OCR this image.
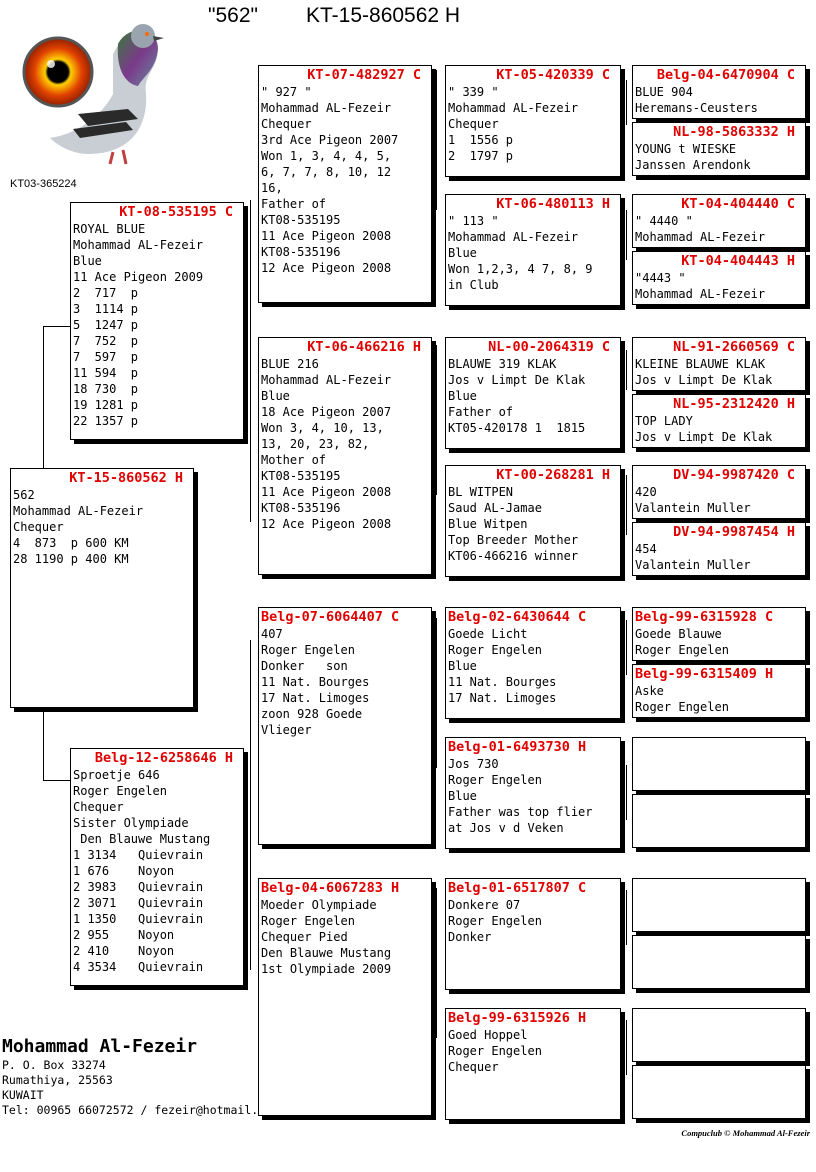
"562" KT-15-860562 H
KT03-365224
KT-15-860562 H
562
Mohammad AL-Fezeir
Chequer
4  873  p 600 KM
28 1190 p 400 KM
KT-08-535195 C
ROYAL BLUE
Mohammad AL-Fezeir
Blue
11 Ace Pigeon 2009
2  717  p
3  1114 p
5  1247 p
7  752  p
7  597  p
11 594  p
18 730  p
19 1281 p
22 1357 p
Belg-12-6258646 H
Sproetje 646
Roger Engelen
Chequer
Sister Olympiade
Den Blauwe Mustang
1 3134   Quievrain
1 676    Noyon
2 3983   Quievrain
2 3071   Quievrain
1 1350   Quievrain
2 955    Noyon
2 410    Noyon
4 3534   Quievrain
KT-07-482927 C
" 927 "
Mohammad AL-Fezeir
Chequer
3rd Ace Pigeon 2007
Won 1, 3, 4, 4, 5,
6, 7, 7, 8, 10, 12
16,
Father of
KT08-535195
11 Ace Pigeon 2008
KT08-535196
12 Ace Pigeon 2008
KT-06-466216 H
BLUE 216
Mohammad AL-Fezeir
Blue
18 Ace Pigeon 2007
Won 3, 4, 10, 13,
13, 20, 23, 82,
Mother of
KT08-535195
11 Ace Pigeon 2008
KT08-535196
12 Ace Pigeon 2008
Belg-07-6064407 C
407
Roger Engelen
Donker   son
11 Nat. Bourges
17 Nat. Limoges
zoon 928 Goede
Vlieger
Belg-04-6067283 H
Moeder Olympiade
Roger Engelen
Chequer Pied
Den Blauwe Mustang
1st Olympiade 2009
KT-05-420339 C
" 339 "
Mohammad AL-Fezeir
Chequer
1  1556 p
2  1797 p
KT-06-480113 H
" 113 "
Mohammad AL-Fezeir
Blue
Won 1,2,3, 4 7, 8, 9
in Club
NL-00-2064319 C
BLAUWE 319 KLAK
Jos v Limpt De Klak
Blue
Father of
KT05-420178 1  1815
KT-00-268281 H
BL WITPEN
Saud AL-Jamae
Blue Witpen
Top Breeder Mother
KT06-466216 winner
Belg-02-6430644 C
Goede Licht
Roger Engelen
Blue
11 Nat. Bourges
17 Nat. Limoges
Belg-01-6493730 H
Jos 730
Roger Engelen
Blue
Father was top flier
at Jos v d Veken
Belg-01-6517807 C
Donkere 07
Roger Engelen
Donker
Belg-99-6315926 H
Goed Hoppel
Roger Engelen
Chequer
Belg-04-6470904 C
BLUE 904
Heremans-Ceusters
NL-98-5863332 H
YOUNG t WIESKE
Janssen Arendonk
KT-04-404440 C
" 4440 "
Mohammad AL-Fezeir
KT-04-404443 H
"4443 "
Mohammad AL-Fezeir
NL-91-2660569 C
KLEINE BLAUWE KLAK
Jos v Limpt De Klak
NL-95-2312420 H
TOP LADY
Jos v Limpt De Klak
DV-94-9987420 C
420
Valantein Muller
DV-94-9987454 H
454
Valantein Muller
Belg-99-6315928 C
Goede Blauwe
Roger Engelen
Belg-99-6315409 H
Aske
Roger Engelen
Mohammad Al-Fezeir
P. O. Box 33274
Rumathiya, 25563
KUWAIT
Tel: 00965 66072572 / fezeir@hotmail.
Compuclub © Mohammad Al-Fezeir
